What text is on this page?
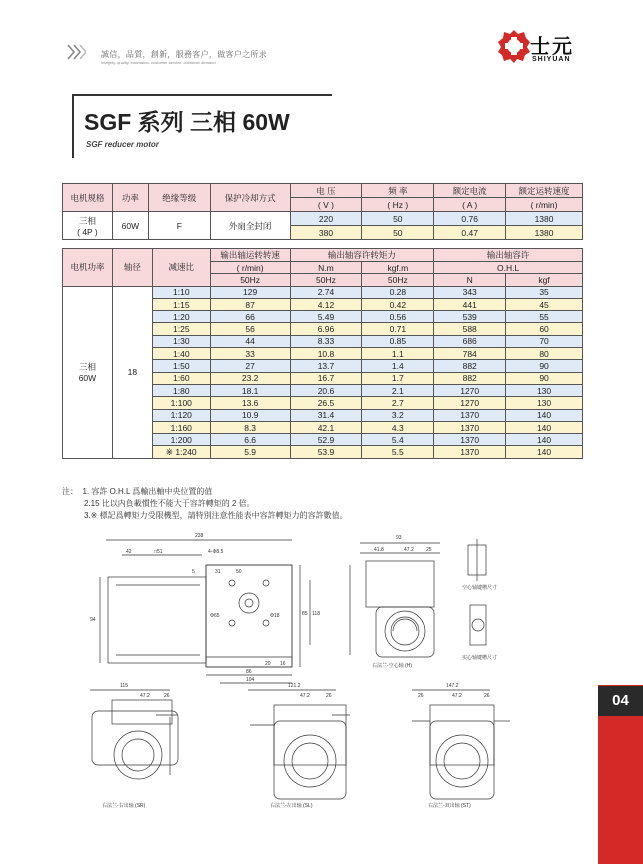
誠信，品質，創新，服務客户，做客户之所求
Integrity, quality, innovation, customer service, customer demand
士元
SHIYUAN
SGF 系列 三相 60W
SGF reducer motor
电机规格	功率	绝缘等级	保护冷却方式	电 压	频 率	额定电流	额定运转速度
				( V )	( Hz )	( A )	( r/min)

三相
( 4P )	60W	F	外扇全封闭	220	50	0.76	1380
				380	50	0.47	1380
电机功率	轴径	减速比	输出轴运转转速	输出轴容许转矩力		输出轴容许	
			( r/min)	N.m	kgf.m	O.H.L	
			50Hz	50Hz	50Hz	N	kgf

三相
60W	18	1:10	129	2.74	0.28	343	35
		1:15	87	4.12	0.42	441	45
		1:20	66	5.49	0.56	539	55
		1:25	56	6.96	0.71	588	60
		1:30	44	8.33	0.85	686	70
		1:40	33	10.8	1.1	784	80
		1:50	27	13.7	1.4	882	90
		1:60	23.2	16.7	1.7	882	90
		1:80	18.1	20.6	2.1	1270	130
		1:100	13.6	26.5	2.7	1270	130
		1:120	10.9	31.4	3.2	1370	140
		1:160	8.3	42.1	4.3	1370	140
		1:200	6.6	52.9	5.4	1370	140
		※ 1:240	5.9	53.9	5.5	1370	140
注： 1. 容許 O.H.L 爲輸出軸中央位置的值
2.15 比以内負載慣性不能大于容許轉矩的 2 倍。
3.※ 標記爲轉矩力受限機型，請特別注意性能表中容許轉矩力的容許數值。
238
42	□51	4-Φ8.5
31
5
94
85 118
50
20 16
86
104
Φ65	Φ18
93
41.8	47.2 25
右法兰-空心轴 (H)
空心轴键槽尺寸
实心轴键槽尺寸
115
47.2	26
右法兰-右出轴 (SR)
121.2
47.2	26
右法兰-左出轴 (SL)
147.2
26	47.2	26
右法兰-双出轴 (ST)
04
